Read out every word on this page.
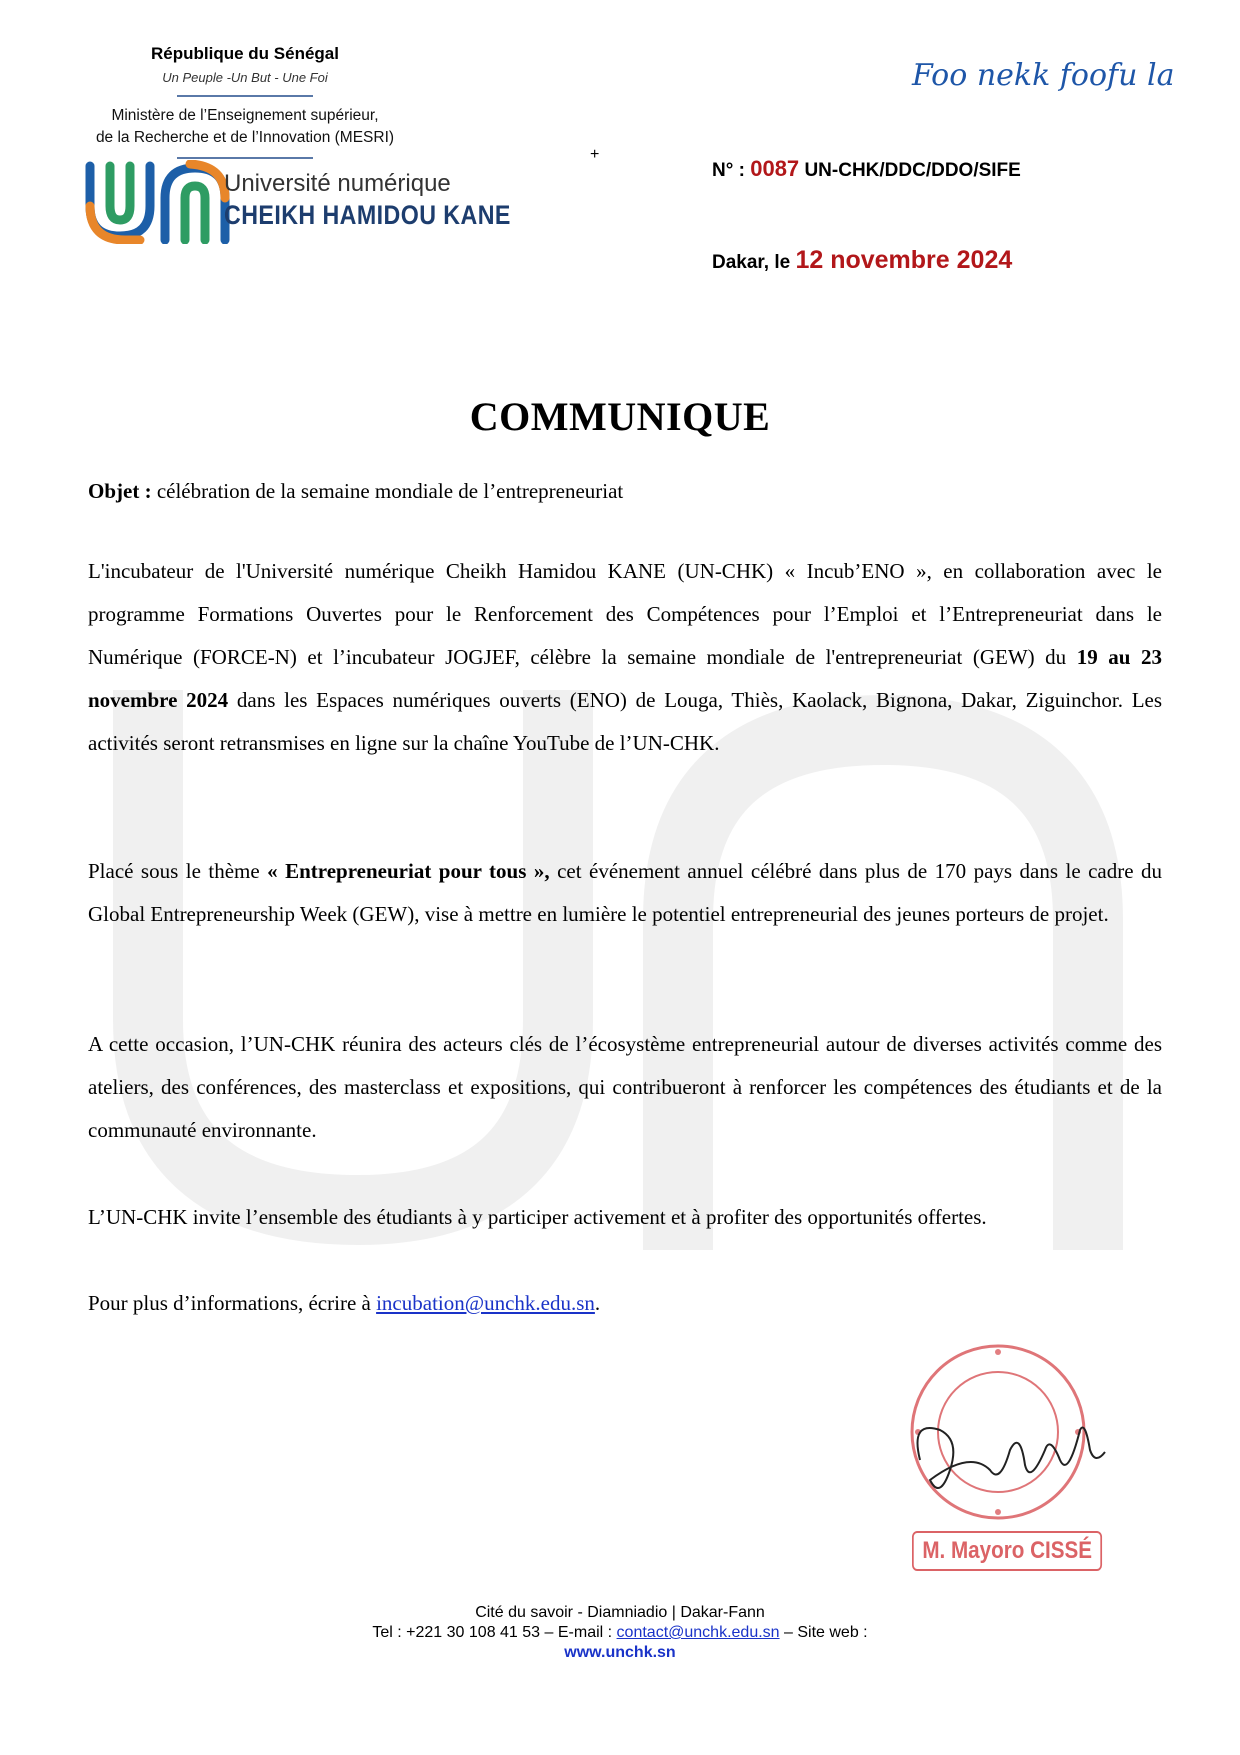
République du Sénégal
Un Peuple -Un But - Une Foi
Ministère de l’Enseignement supérieur,
de la Recherche et de l’Innovation (MESRI)
Université numérique
CHEIKH HAMIDOU KANE
+
Foo nekk foofu la
N° : 0087 UN-CHK/DDC/DDO/SIFE
Dakar, le 12 novembre 2024
COMMUNIQUE

Objet : célébration de la semaine mondiale de l’entrepreneuriat

L'incubateur de l'Université numérique Cheikh Hamidou KANE (UN-CHK) « Incub’ENO », en collaboration avec le programme Formations Ouvertes pour le Renforcement des Compétences pour l’Emploi et l’Entrepreneuriat dans le Numérique (FORCE-N) et l’incubateur JOGJEF, célèbre la semaine mondiale de l'entrepreneuriat (GEW) du 19 au 23 novembre 2024 dans les Espaces numériques ouverts (ENO) de Louga, Thiès, Kaolack, Bignona, Dakar, Ziguinchor. Les activités seront retransmises en ligne sur la chaîne YouTube de l’UN-CHK.

Placé sous le thème « Entrepreneuriat pour tous », cet événement annuel célébré dans plus de 170 pays dans le cadre du Global Entrepreneurship Week (GEW), vise à mettre en lumière le potentiel entrepreneurial des jeunes porteurs de projet.

A cette occasion, l’UN-CHK réunira des acteurs clés de l’écosystème entrepreneurial autour de diverses activités comme des ateliers, des conférences, des masterclass et expositions, qui contribueront à renforcer les compétences des étudiants et de la communauté environnante.

L’UN-CHK invite l’ensemble des étudiants à y participer activement et à profiter des opportunités offertes.

Pour plus d’informations, écrire à incubation@unchk.edu.sn.

M. Mayoro CISSÉ
Cité du savoir - Diamniadio | Dakar-Fann
Tel : +221 30 108 41 53 – E-mail : contact@unchk.edu.sn – Site web :
www.unchk.sn
